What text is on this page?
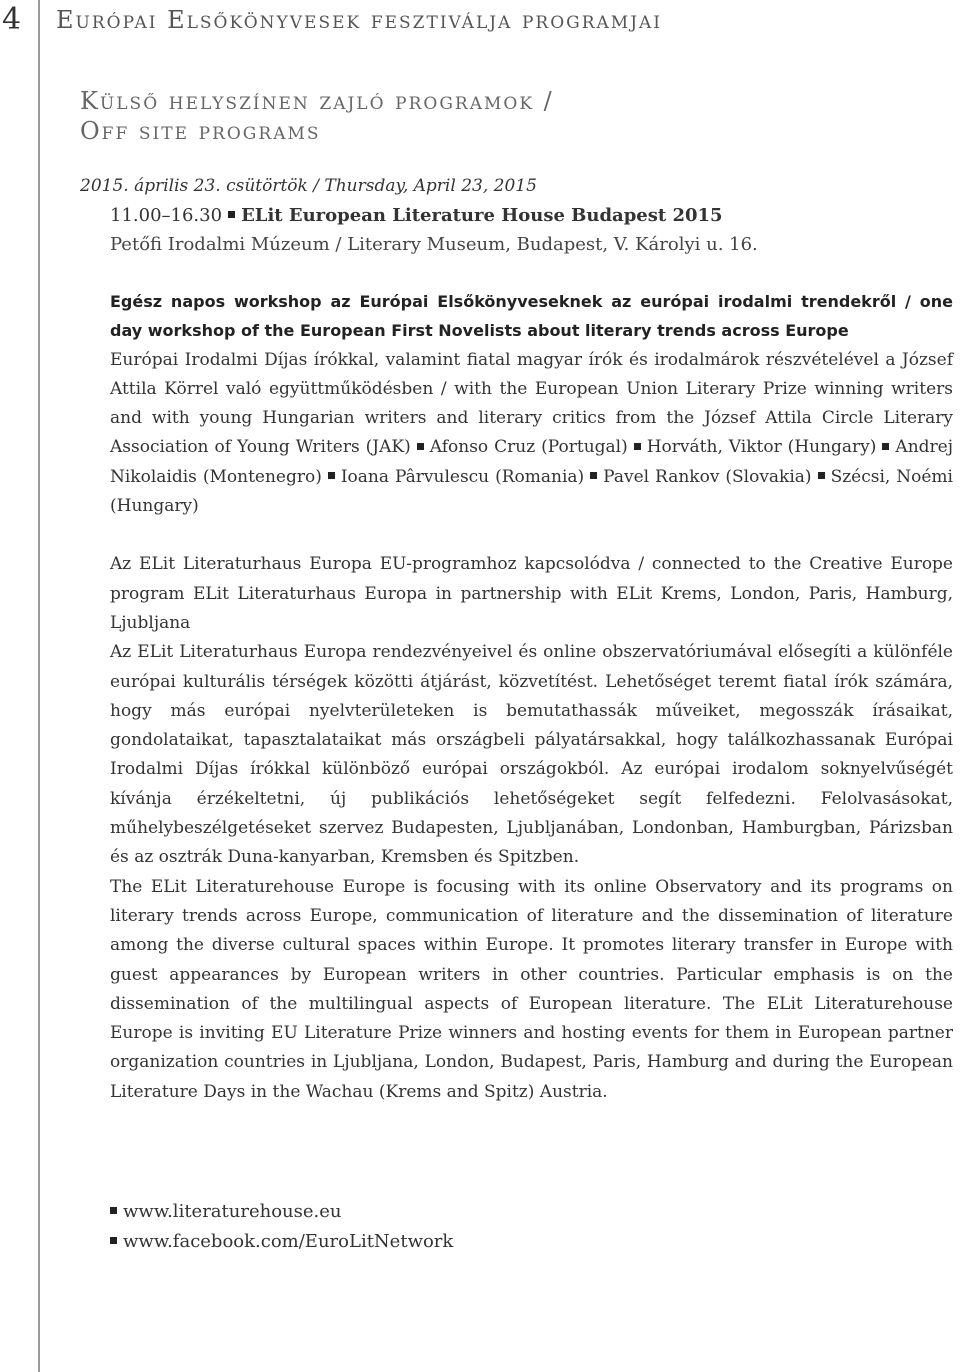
4 Európai Elsőkönyvesek fesztiválja programjai
Külső helyszínen zajló programok /
Off site programs
2015. április 23. csütörtök / Thursday, April 23, 2015
11.00–16.30 ELit European Literature House Budapest 2015
Petőfi Irodalmi Múzeum / Literary Museum, Budapest, V. Károlyi u. 16.

Egész napos workshop az Európai Elsőkönyveseknek az európai irodalmi trendekről / one day workshop of the European First Novelists about literary trends across Europe

Európai Irodalmi Díjas írókkal, valamint fiatal magyar írók és irodalmárok részvételével a József Attila Körrel való együttműködésben / with the European Union Literary Prize winning writers and with young Hungarian writers and literary critics from the József Attila Circle Literary Association of Young Writers (JAK) Afonso Cruz (Portugal) Horváth, Viktor (Hungary) Andrej Nikolaidis (Montenegro) Ioana Pârvulescu (Romania) Pavel Rankov (Slovakia) Szécsi, Noémi (Hungary)

Az ELit Literaturhaus Europa EU-programhoz kapcsolódva / connected to the Creative Europe program ELit Literaturhaus Europa in partnership with ELit Krems, London, Paris, Hamburg, Ljubljana

Az ELit Literaturhaus Europa rendezvényeivel és online obszervatóriumával elősegíti a különféle európai kulturális térségek közötti átjárást, közvetítést. Lehetőséget teremt fiatal írók számára, hogy más európai nyelvterületeken is bemutathassák műveiket, megosszák írásaikat, gondolataikat, tapasztalataikat más országbeli pályatársakkal, hogy találkozhassanak Európai Irodalmi Díjas írókkal különböző európai országokból. Az európai irodalom soknyelvűségét kívánja érzékeltetni, új publikációs lehetőségeket segít felfedezni. Felolvasásokat, műhelybeszélgetéseket szervez Budapesten, Ljubljanában, Londonban, Hamburgban, Párizsban és az osztrák Duna-kanyarban, Kremsben és Spitzben.

The ELit Literaturehouse Europe is focusing with its online Observatory and its programs on literary trends across Europe, communication of literature and the dissemination of literature among the diverse cultural spaces within Europe. It promotes literary transfer in Europe with guest appearances by European writers in other countries. Particular emphasis is on the dissemination of the multilingual aspects of European literature. The ELit Literaturehouse Europe is inviting EU Literature Prize winners and hosting events for them in European partner organization countries in Ljubljana, London, Budapest, Paris, Hamburg and during the European Literature Days in the Wachau (Krems and Spitz) Austria.

www.literaturehouse.eu
www.facebook.com/EuroLitNetwork
